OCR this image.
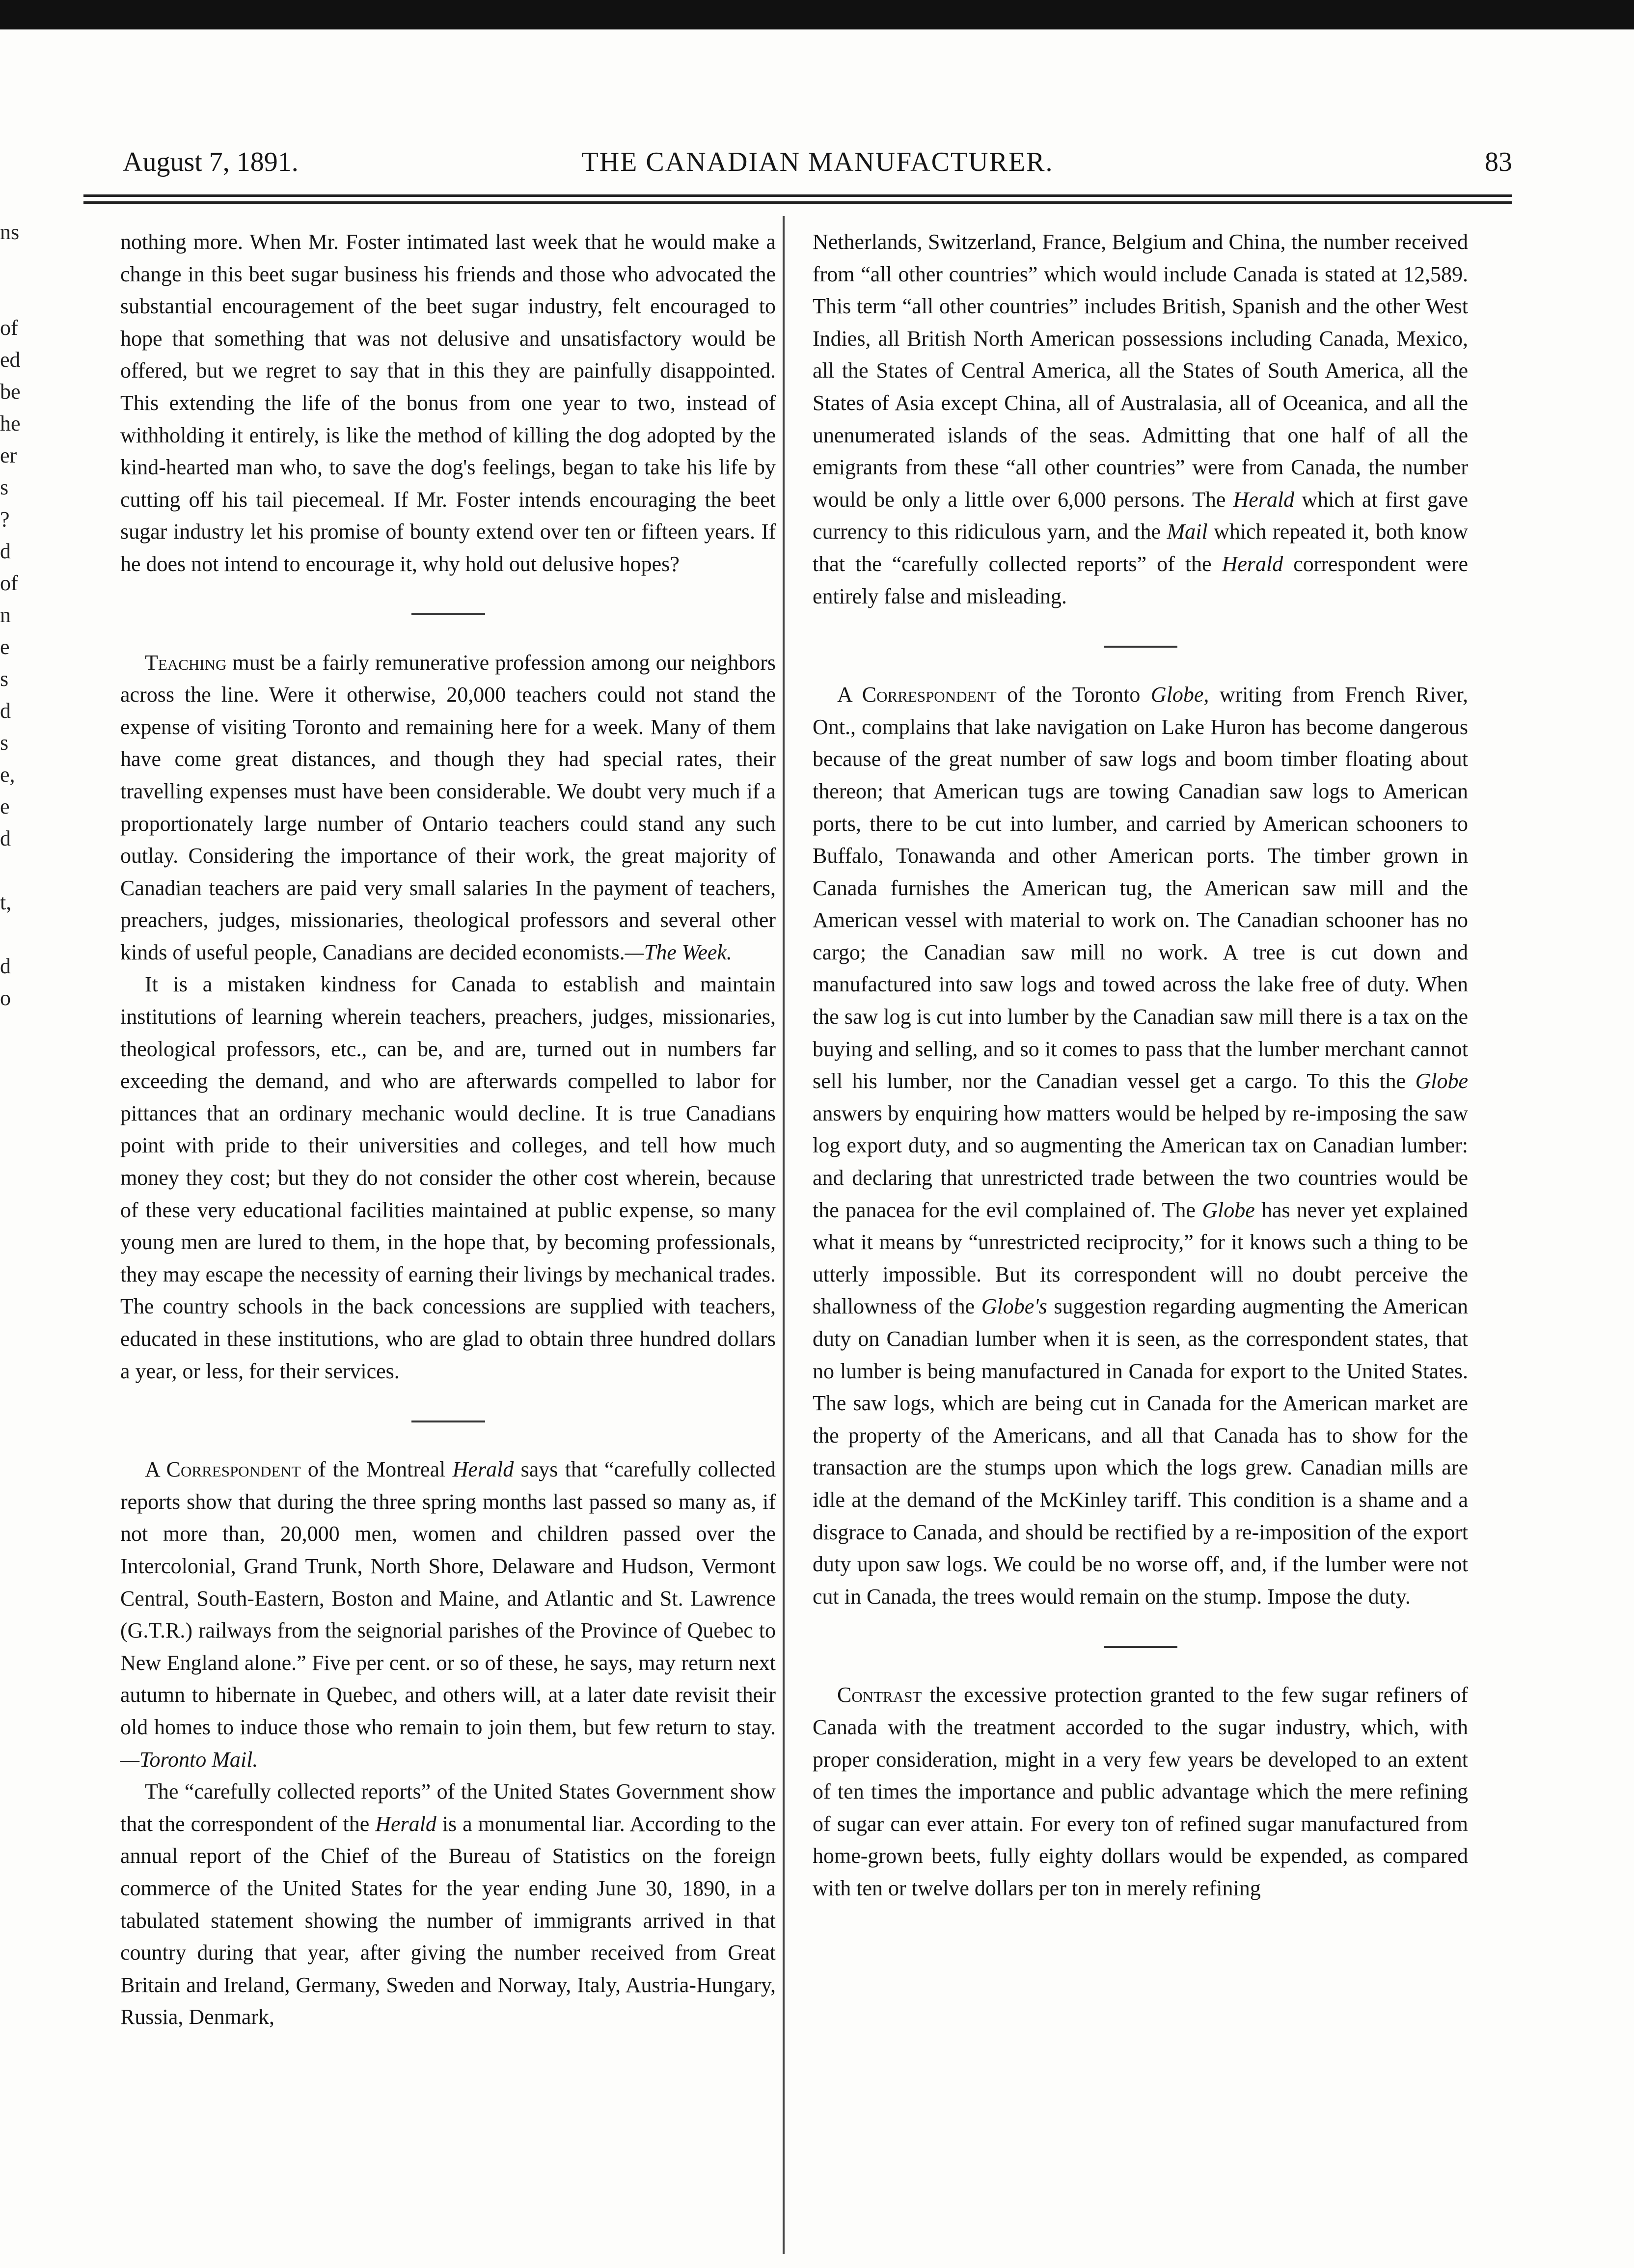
August 7, 1891.	THE CANADIAN MANUFACTURER.	83
ns
of
ed
be
he
er
s ?
d
of
n
e
s
d
s
e,
e
d
t,
d
o

nothing more. When Mr. Foster intimated last week that he would make a change in this beet sugar business his friends and those who advocated the substantial encouragement of the beet sugar industry, felt encouraged to hope that something that was not delusive and unsatisfactory would be offered, but we regret to say that in this they are painfully disappointed. This extending the life of the bonus from one year to two, instead of withholding it entirely, is like the method of killing the dog adopted by the kind-hearted man who, to save the dog's feelings, began to take his life by cutting off his tail piecemeal. If Mr. Foster intends encouraging the beet sugar industry let his promise of bounty extend over ten or fifteen years. If he does not intend to encourage it, why hold out delusive hopes?

Teaching must be a fairly remunerative profession among our neighbors across the line. Were it otherwise, 20,000 teachers could not stand the expense of visiting Toronto and remaining here for a week. Many of them have come great distances, and though they had special rates, their travelling expenses must have been considerable. We doubt very much if a proportionately large number of Ontario teachers could stand any such outlay. Considering the importance of their work, the great majority of Canadian teachers are paid very small salaries In the payment of teachers, preachers, judges, missionaries, theological professors and several other kinds of useful people, Canadians are decided economists.—The Week.

It is a mistaken kindness for Canada to establish and maintain institutions of learning wherein teachers, preachers, judges, missionaries, theological professors, etc., can be, and are, turned out in numbers far exceeding the demand, and who are afterwards compelled to labor for pittances that an ordinary mechanic would decline. It is true Canadians point with pride to their universities and colleges, and tell how much money they cost; but they do not consider the other cost wherein, because of these very educational facilities maintained at public expense, so many young men are lured to them, in the hope that, by becoming professionals, they may escape the necessity of earning their livings by mechanical trades. The country schools in the back concessions are supplied with teachers, educated in these institutions, who are glad to obtain three hundred dollars a year, or less, for their services.

A Correspondent of the Montreal Herald says that “carefully collected reports show that during the three spring months last passed so many as, if not more than, 20,000 men, women and children passed over the Intercolonial, Grand Trunk, North Shore, Delaware and Hudson, Vermont Central, South-Eastern, Boston and Maine, and Atlantic and St. Lawrence (G.T.R.) railways from the seignorial parishes of the Province of Quebec to New England alone.” Five per cent. or so of these, he says, may return next autumn to hibernate in Quebec, and others will, at a later date revisit their old homes to induce those who remain to join them, but few return to stay.—Toronto Mail.

The “carefully collected reports” of the United States Government show that the correspondent of the Herald is a monumental liar. According to the annual report of the Chief of the Bureau of Statistics on the foreign commerce of the United States for the year ending June 30, 1890, in a tabulated statement showing the number of immigrants arrived in that country during that year, after giving the number received from Great Britain and Ireland, Germany, Sweden and Norway, Italy, Austria-Hungary, Russia, Denmark,

Netherlands, Switzerland, France, Belgium and China, the number received from “all other countries” which would include Canada is stated at 12,589. This term “all other countries” includes British, Spanish and the other West Indies, all British North American possessions including Canada, Mexico, all the States of Central America, all the States of South America, all the States of Asia except China, all of Australasia, all of Oceanica, and all the unenumerated islands of the seas. Admitting that one half of all the emigrants from these “all other countries” were from Canada, the number would be only a little over 6,000 persons. The Herald which at first gave currency to this ridiculous yarn, and the Mail which repeated it, both know that the “carefully collected reports” of the Herald correspondent were entirely false and misleading.

A Correspondent of the Toronto Globe, writing from French River, Ont., complains that lake navigation on Lake Huron has become dangerous because of the great number of saw logs and boom timber floating about thereon; that American tugs are towing Canadian saw logs to American ports, there to be cut into lumber, and carried by American schooners to Buffalo, Tonawanda and other American ports. The timber grown in Canada furnishes the American tug, the American saw mill and the American vessel with material to work on. The Canadian schooner has no cargo; the Canadian saw mill no work. A tree is cut down and manufactured into saw logs and towed across the lake free of duty. When the saw log is cut into lumber by the Canadian saw mill there is a tax on the buying and selling, and so it comes to pass that the lumber merchant cannot sell his lumber, nor the Canadian vessel get a cargo. To this the Globe answers by enquiring how matters would be helped by re-imposing the saw log export duty, and so augmenting the American tax on Canadian lumber: and declaring that unrestricted trade between the two countries would be the panacea for the evil complained of. The Globe has never yet explained what it means by “unrestricted reciprocity,” for it knows such a thing to be utterly impossible. But its correspondent will no doubt perceive the shallowness of the Globe's suggestion regarding augmenting the American duty on Canadian lumber when it is seen, as the correspondent states, that no lumber is being manufactured in Canada for export to the United States. The saw logs, which are being cut in Canada for the American market are the property of the Americans, and all that Canada has to show for the transaction are the stumps upon which the logs grew. Canadian mills are idle at the demand of the McKinley tariff. This condition is a shame and a disgrace to Canada, and should be rectified by a re-imposition of the export duty upon saw logs. We could be no worse off, and, if the lumber were not cut in Canada, the trees would remain on the stump. Impose the duty.

Contrast the excessive protection granted to the few sugar refiners of Canada with the treatment accorded to the sugar industry, which, with proper consideration, might in a very few years be developed to an extent of ten times the importance and public advantage which the mere refining of sugar can ever attain. For every ton of refined sugar manufactured from home-grown beets, fully eighty dollars would be expended, as compared with ten or twelve dollars per ton in merely refining
